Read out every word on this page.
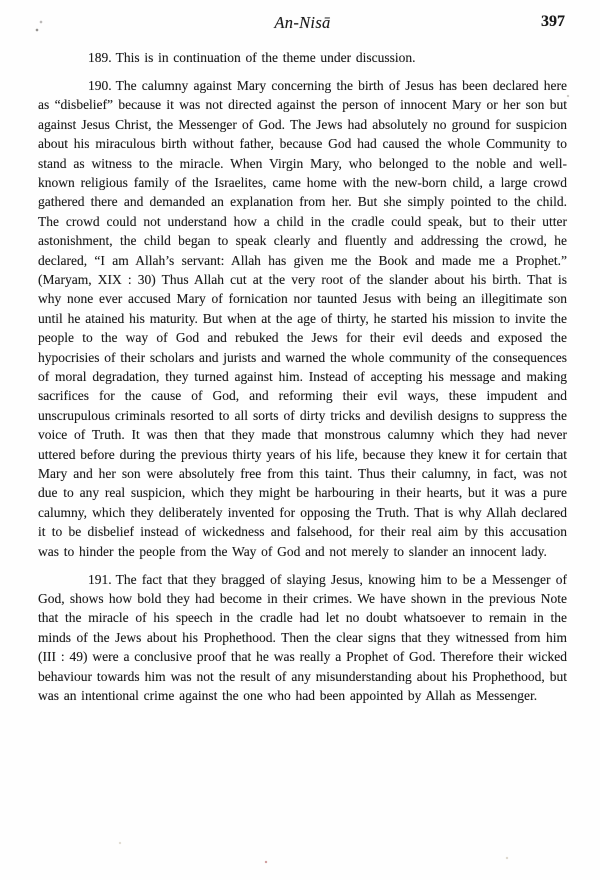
An-Nisā	397

189. This is in continuation of the theme under discussion.

190. The calumny against Mary concerning the birth of Jesus has been declared here as “disbelief” because it was not directed against the person of innocent Mary or her son but against Jesus Christ, the Messenger of God. The Jews had absolutely no ground for suspicion about his miraculous birth without father, because God had caused the whole Community to stand as witness to the miracle. When Virgin Mary, who belonged to the noble and well-known religious family of the Israelites, came home with the new-born child, a large crowd gathered there and demanded an explanation from her. But she simply pointed to the child. The crowd could not understand how a child in the cradle could speak, but to their utter astonishment, the child began to speak clearly and fluently and addressing the crowd, he declared, “I am Allah’s servant: Allah has given me the Book and made me a Prophet.” (Maryam, XIX : 30) Thus Allah cut at the very root of the slander about his birth. That is why none ever accused Mary of fornication nor taunted Jesus with being an illegitimate son until he atained his maturity. But when at the age of thirty, he started his mission to invite the people to the way of God and rebuked the Jews for their evil deeds and exposed the hypocrisies of their scholars and jurists and warned the whole community of the consequences of moral degradation, they turned against him. Instead of accepting his message and making sacrifices for the cause of God, and reforming their evil ways, these impudent and unscrupulous criminals resorted to all sorts of dirty tricks and devilish designs to suppress the voice of Truth. It was then that they made that monstrous calumny which they had never uttered before during the previous thirty years of his life, because they knew it for certain that Mary and her son were absolutely free from this taint. Thus their calumny, in fact, was not due to any real suspicion, which they might be harbouring in their hearts, but it was a pure calumny, which they deliberately invented for opposing the Truth. That is why Allah declared it to be disbelief instead of wickedness and falsehood, for their real aim by this accusation was to hinder the people from the Way of God and not merely to slander an innocent lady.

191. The fact that they bragged of slaying Jesus, knowing him to be a Messenger of God, shows how bold they had become in their crimes. We have shown in the previous Note that the miracle of his speech in the cradle had let no doubt whatsoever to remain in the minds of the Jews about his Prophethood. Then the clear signs that they witnessed from him (III : 49) were a conclusive proof that he was really a Prophet of God. Therefore their wicked behaviour towards him was not the result of any misunderstanding about his Prophethood, but was an intentional crime against the one who had been appointed by Allah as Messenger.
